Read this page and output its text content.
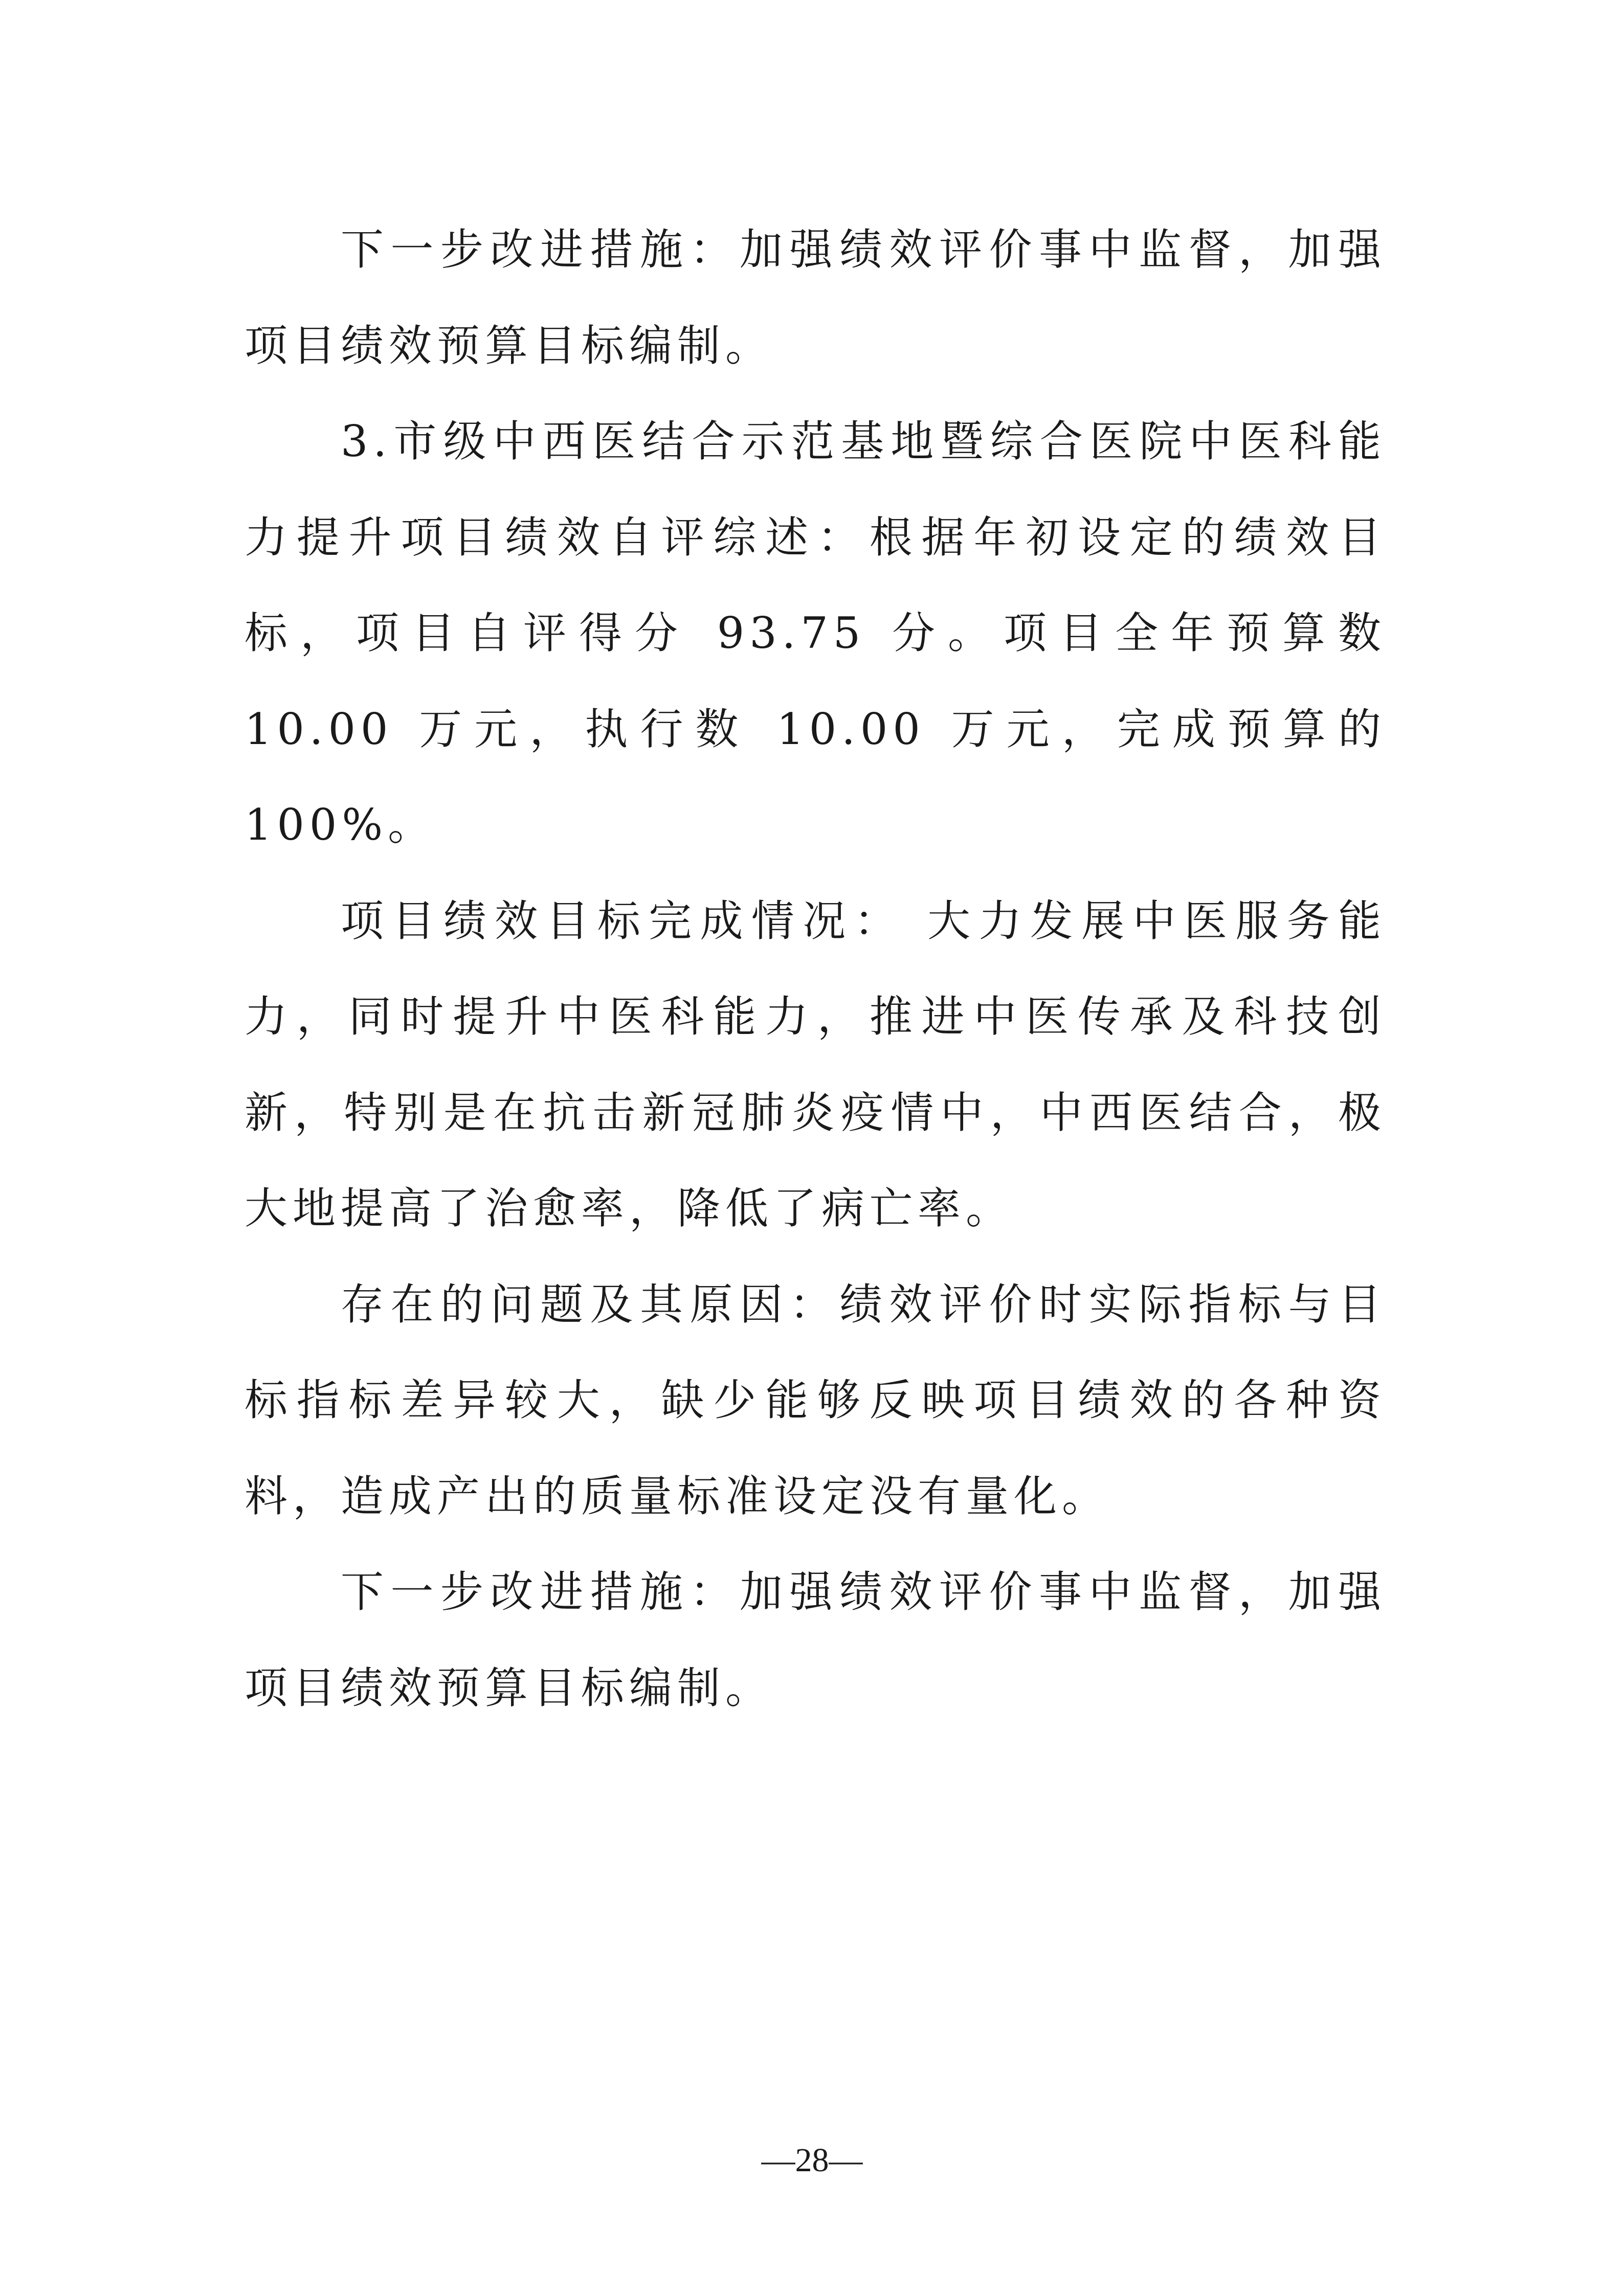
下一步改进措施：加强绩效评价事中监督，加强项目绩效预算目标编制。

3.市级中西医结合示范基地暨综合医院中医科能力提升项目绩效自评综述：根据年初设定的绩效目标，项目自评得分 93.75 分。项目全年预算数 10.00 万元，执行数 10.00 万元，完成预算的 100%。

项目绩效目标完成情况： 大力发展中医服务能力，同时提升中医科能力，推进中医传承及科技创新，特别是在抗击新冠肺炎疫情中，中西医结合，极大地提高了治愈率，降低了病亡率。

存在的问题及其原因：绩效评价时实际指标与目标指标差异较大，缺少能够反映项目绩效的各种资料，造成产出的质量标准设定没有量化。

下一步改进措施：加强绩效评价事中监督，加强项目绩效预算目标编制。

—28—
